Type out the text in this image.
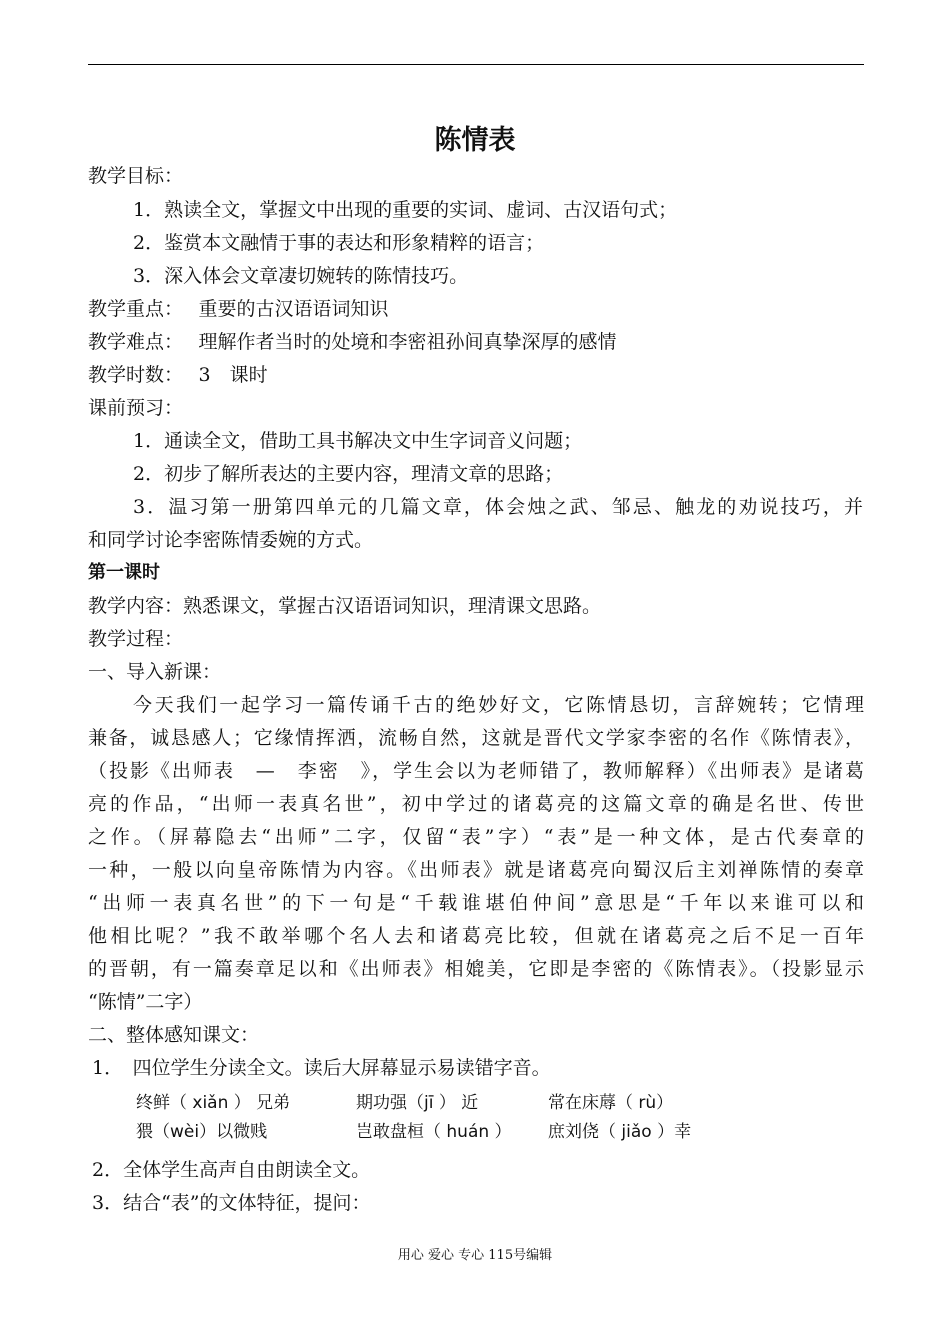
陈情表
教学目标：
1．熟读全文，掌握文中出现的重要的实词、虚词、古汉语句式；
2．鉴赏本文融情于事的表达和形象精粹的语言；
3．深入体会文章凄切婉转的陈情技巧。
教学重点：　 重要的古汉语语词知识
教学难点：　 理解作者当时的处境和李密祖孙间真挚深厚的感情
教学时数：　 3　课时
课前预习：
1．通读全文，借助工具书解决文中生字词音义问题；
2．初步了解所表达的主要内容，理清文章的思路；
3．温习第一册第四单元的几篇文章，体会烛之武、邹忌、触龙的劝说技巧，并
和同学讨论李密陈情委婉的方式。
第一课时
教学内容：熟悉课文，掌握古汉语语词知识，理清课文思路。
教学过程：
一、导入新课：
今天我们一起学习一篇传诵千古的绝妙好文，它陈情恳切，言辞婉转；它情理
兼备，诚恳感人；它缘情挥洒，流畅自然，这就是晋代文学家李密的名作《陈情表》，
（投影《出师表　—　李密　》，学生会以为老师错了，教师解释）《出师表》是诸葛
亮的作品，“出师一表真名世”，初中学过的诸葛亮的这篇文章的确是名世、传世
之作。（屏幕隐去“出师”二字，仅留“表”字）“表”是一种文体，是古代奏章的
一种，一般以向皇帝陈情为内容。《出师表》就是诸葛亮向蜀汉后主刘禅陈情的奏章
“出师一表真名世”的下一句是“千载谁堪伯仲间”意思是“千年以来谁可以和
他相比呢？”我不敢举哪个名人去和诸葛亮比较，但就在诸葛亮之后不足一百年
的晋朝，有一篇奏章足以和《出师表》相媲美，它即是李密的《陈情表》。（投影显示
“陈情”二字）
二、整体感知课文：
1．　四位学生分读全文。读后大屏幕显示易读错字音。
终鲜（ xiǎn ） 兄弟	期功强（jī ） 近	常在床蓐（ rù）
猥（wèi）以微贱	岂敢盘桓（ huán ） 庶刘侥（ jiǎo ）幸
2．全体学生高声自由朗读全文。
3．结合“表”的文体特征，提问：
用心 爱心 专心 115号编辑
